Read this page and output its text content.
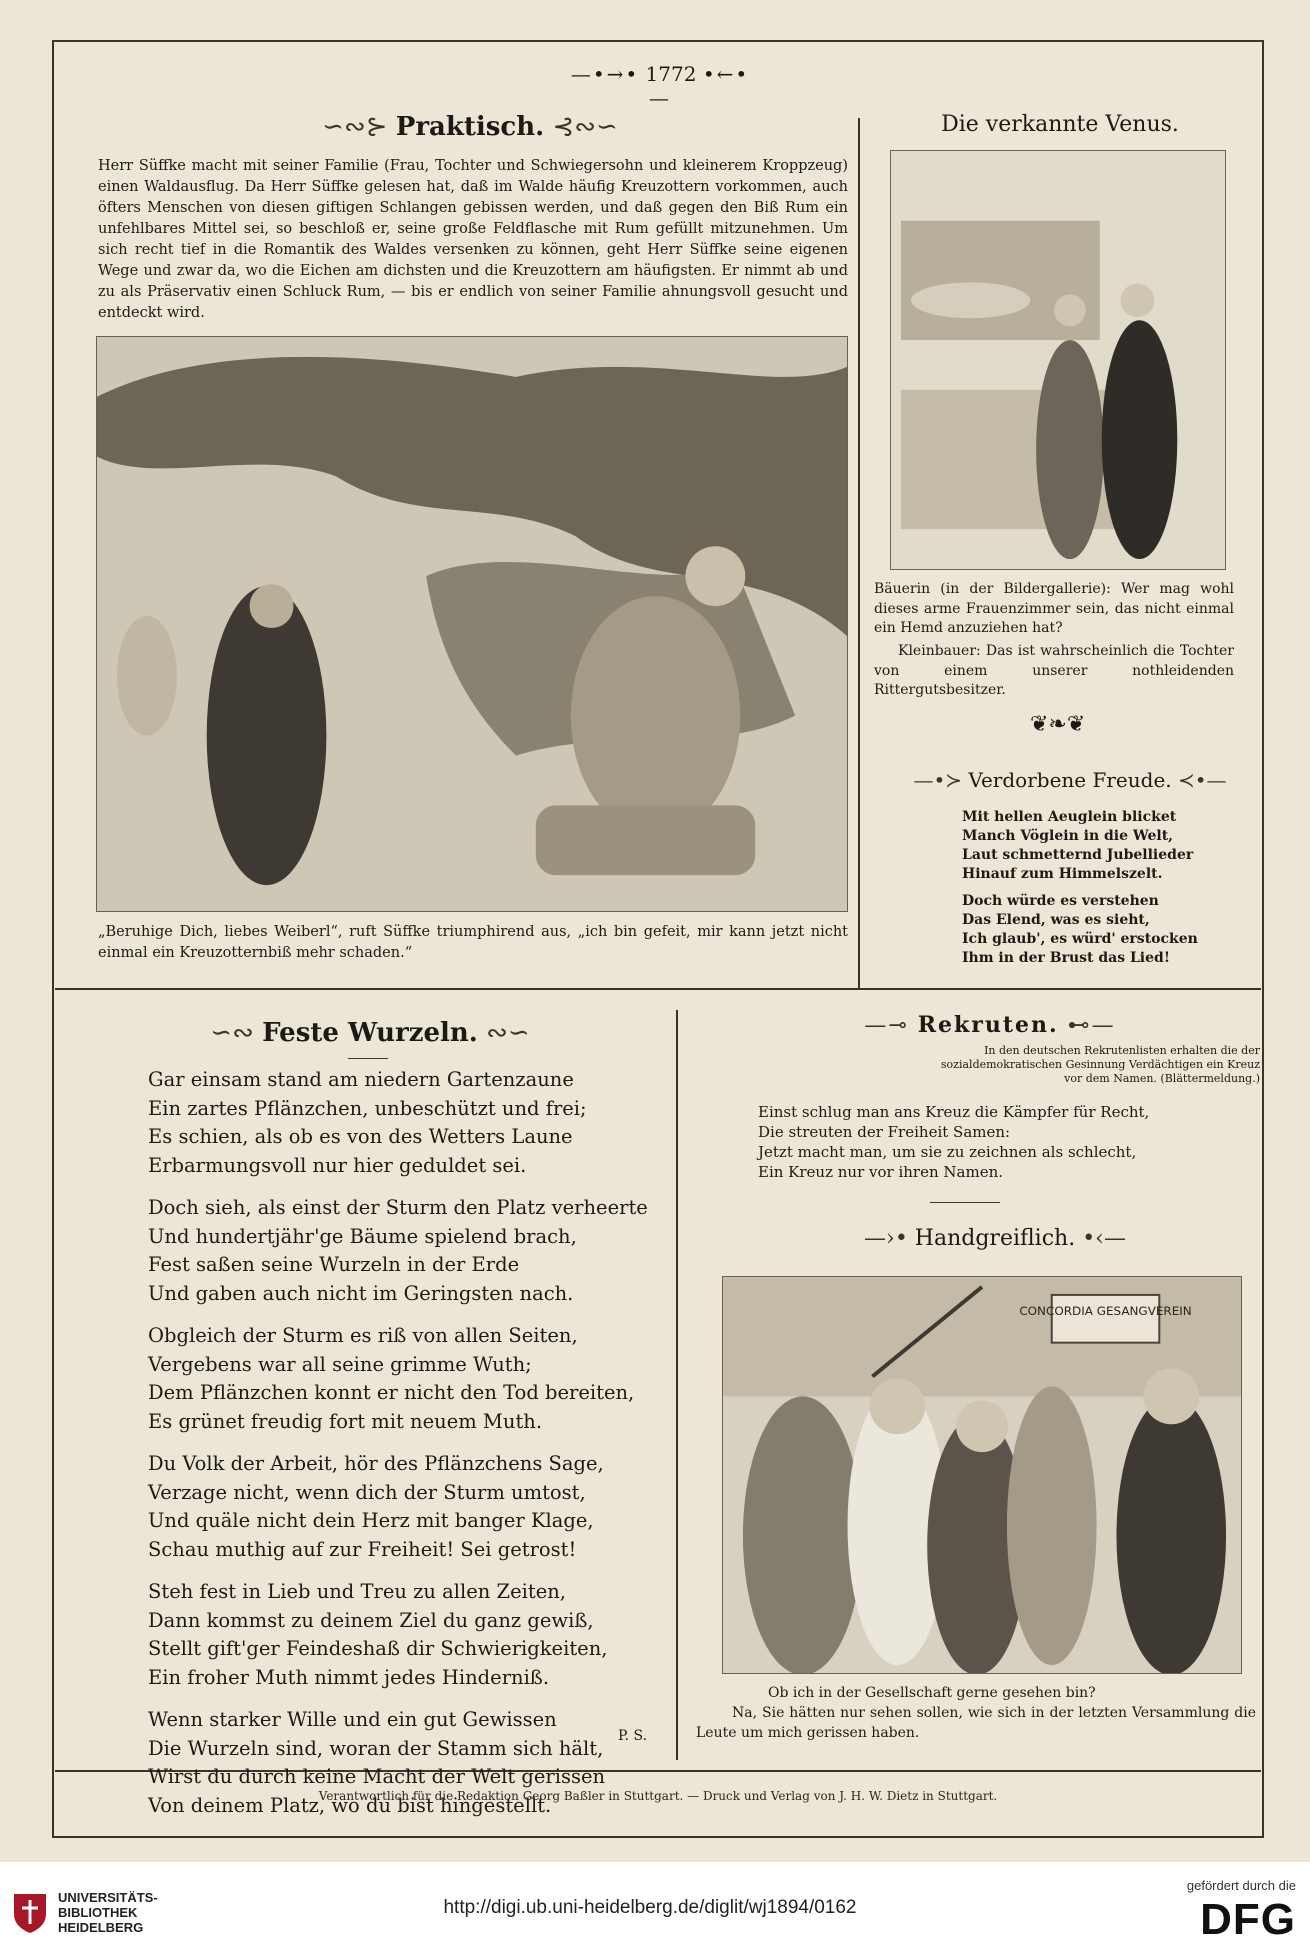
—•→• 1772 •←•—
∽∾⊱ Praktisch. ⊰∾∽
Herr Süffke macht mit seiner Familie (Frau, Tochter und Schwiegersohn und kleinerem Kroppzeug) einen Waldausflug. Da Herr Süffke gelesen hat, daß im Walde häufig Kreuzottern vorkommen, auch öfters Menschen von diesen giftigen Schlangen gebissen werden, und daß gegen den Biß Rum ein unfehlbares Mittel sei, so beschloß er, seine große Feldflasche mit Rum gefüllt mitzunehmen. Um sich recht tief in die Romantik des Waldes versenken zu können, geht Herr Süffke seine eigenen Wege und zwar da, wo die Eichen am dichsten und die Kreuzottern am häufigsten. Er nimmt ab und zu als Präservativ einen Schluck Rum, — bis er endlich von seiner Familie ahnungsvoll gesucht und entdeckt wird.
„Beruhige Dich, liebes Weiberl“, ruft Süffke triumphirend aus, „ich bin gefeit, mir kann jetzt nicht einmal ein Kreuzotternbiß mehr schaden.“
Die verkannte Venus.
Bäuerin (in der Bildergallerie): Wer mag wohl dieses arme Frauenzimmer sein, das nicht einmal ein Hemd anzuziehen hat?
Kleinbauer: Das ist wahrscheinlich die Tochter von einem unserer nothleidenden Rittergutsbesitzer.
❦❧❦
—•≻ Verdorbene Freude. ≺•—
Mit hellen Aeuglein blicket
Manch Vöglein in die Welt,
Laut schmetternd Jubellieder
Hinauf zum Himmelszelt.
Doch würde es verstehen
Das Elend, was es sieht,
Ich glaub', es würd' erstocken
Ihm in der Brust das Lied!
∽∾ Feste Wurzeln. ∾∽
Gar einsam stand am niedern Gartenzaune
Ein zartes Pflänzchen, unbeschützt und frei;
Es schien, als ob es von des Wetters Laune
Erbarmungsvoll nur hier geduldet sei.
Doch sieh, als einst der Sturm den Platz verheerte
Und hundertjähr'ge Bäume spielend brach,
Fest saßen seine Wurzeln in der Erde
Und gaben auch nicht im Geringsten nach.
Obgleich der Sturm es riß von allen Seiten,
Vergebens war all seine grimme Wuth;
Dem Pflänzchen konnt er nicht den Tod bereiten,
Es grünet freudig fort mit neuem Muth.
Du Volk der Arbeit, hör des Pflänzchens Sage,
Verzage nicht, wenn dich der Sturm umtost,
Und quäle nicht dein Herz mit banger Klage,
Schau muthig auf zur Freiheit! Sei getrost!
Steh fest in Lieb und Treu zu allen Zeiten,
Dann kommst zu deinem Ziel du ganz gewiß,
Stellt gift'ger Feindeshaß dir Schwierigkeiten,
Ein froher Muth nimmt jedes Hinderniß.
Wenn starker Wille und ein gut Gewissen
Die Wurzeln sind, woran der Stamm sich hält,
Wirst du durch keine Macht der Welt gerissen
Von deinem Platz, wo du bist hingestellt.
P. S.
—⊸ Rekruten. ⊷—
In den deutschen Rekrutenlisten erhalten die der sozialdemokratischen Gesinnung Verdächtigen ein Kreuz vor dem Namen. (Blättermeldung.)
Einst schlug man ans Kreuz die Kämpfer für Recht,
Die streuten der Freiheit Samen:
Jetzt macht man, um sie zu zeichnen als schlecht,
Ein Kreuz nur vor ihren Namen.
—›• Handgreiflich. •‹—
CONCORDIA GESANGVEREIN
Ob ich in der Gesellschaft gerne gesehen bin?
Na, Sie hätten nur sehen sollen, wie sich in der letzten Versammlung die Leute um mich gerissen haben.
Verantwortlich für die Redaktion Georg Baßler in Stuttgart. — Druck und Verlag von J. H. W. Dietz in Stuttgart.
UNIVERSITÄTS-
BIBLIOTHEK
HEIDELBERG
http://digi.ub.uni-heidelberg.de/diglit/wj1894/0162
gefördert durch die
DFG
